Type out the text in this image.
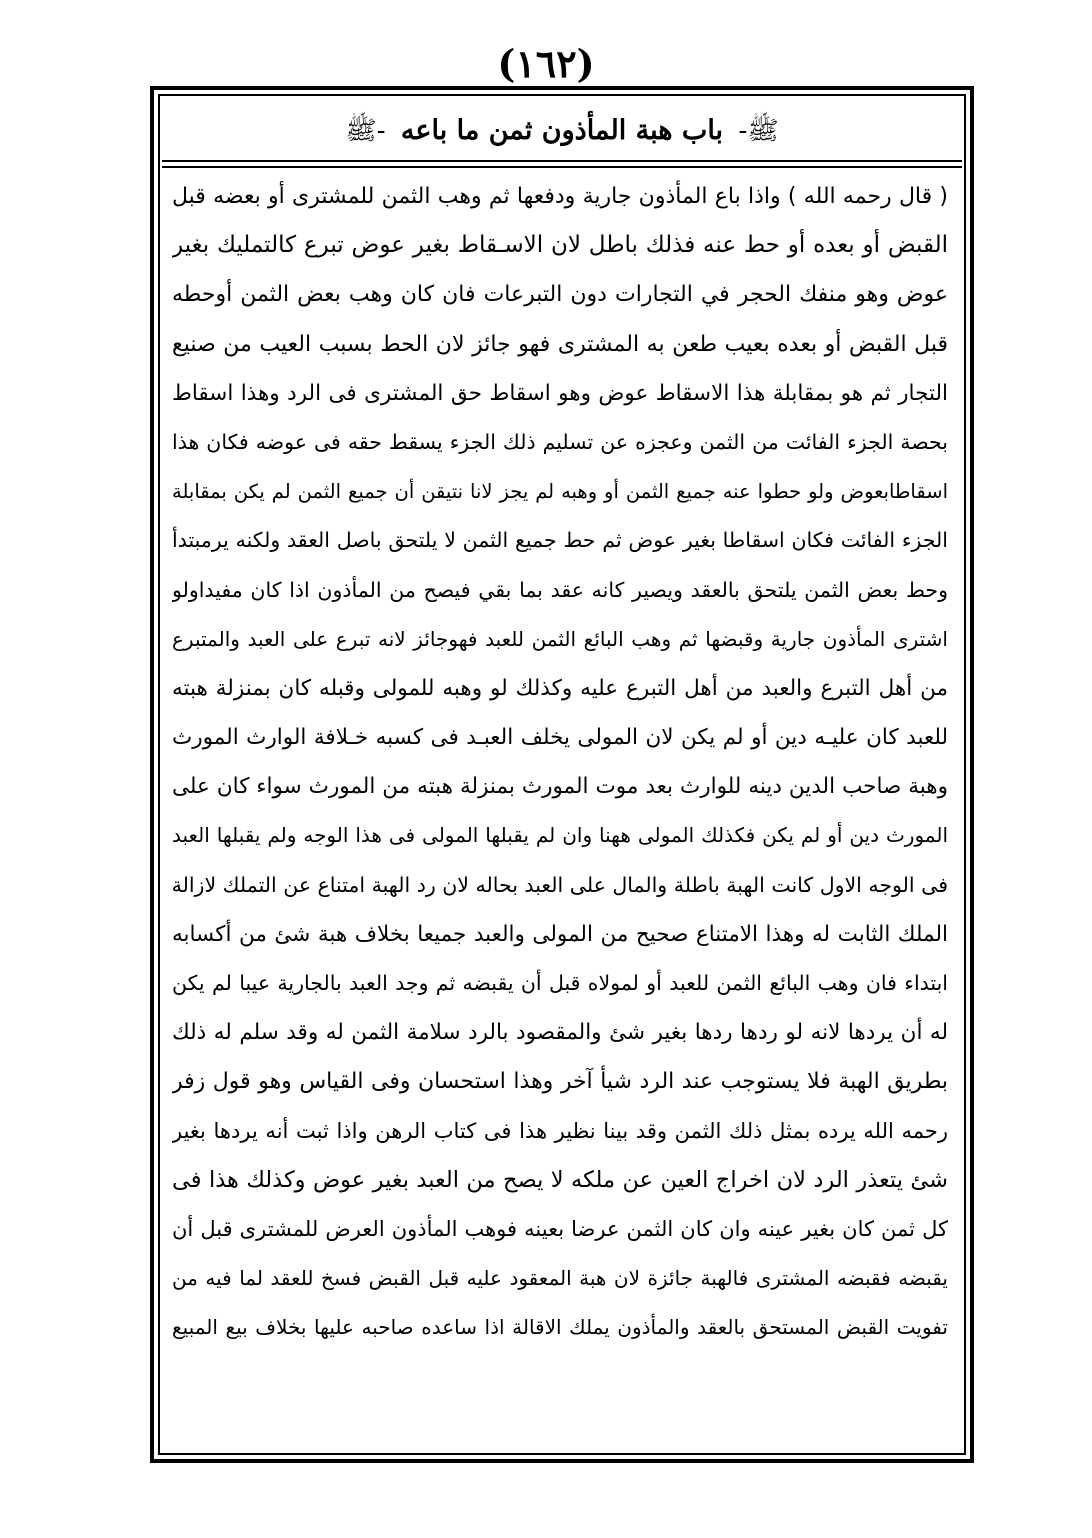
(١٦٢)
ﷺ- باب هبة المأذون ثمن ما باعه -ﷺ
( قال رحمه الله ) واذا باع المأذون جارية ودفعها ثم وهب الثمن للمشترى أو بعضه قبل
القبض أو بعده أو حط عنه فذلك باطل لان الاسـقاط بغير عوض تبرع كالتمليك بغير
عوض وهو منفك الحجر في التجارات دون التبرعات فان كان وهب بعض الثمن أوحطه
قبل القبض أو بعده بعيب طعن به المشترى فهو جائز لان الحط بسبب العيب من صنيع
التجار ثم هو بمقابلة هذا الاسقاط عوض وهو اسقاط حق المشترى فى الرد وهذا اسقاط
بحصة الجزء الفائت من الثمن وعجزه عن تسليم ذلك الجزء يسقط حقه فى عوضه فكان هذا
اسقاطابعوض ولو حطوا عنه جميع الثمن أو وهبه لم يجز لانا نتيقن أن جميع الثمن لم يكن بمقابلة
الجزء الفائت فكان اسقاطا بغير عوض ثم حط جميع الثمن لا يلتحق باصل العقد ولكنه يرمبتدأ
وحط بعض الثمن يلتحق بالعقد ويصير كانه عقد بما بقي فيصح من المأذون اذا كان مفيداولو
اشترى المأذون جارية وقبضها ثم وهب البائع الثمن للعبد فهوجائز لانه تبرع على العبد والمتبرع
من أهل التبرع والعبد من أهل التبرع عليه وكذلك لو وهبه للمولى وقبله كان بمنزلة هبته
للعبد كان عليـه دين أو لم يكن لان المولى يخلف العبـد فى كسبه خـلافة الوارث المورث
وهبة صاحب الدين دينه للوارث بعد موت المورث بمنزلة هبته من المورث سواء كان على
المورث دين أو لم يكن فكذلك المولى ههنا وان لم يقبلها المولى فى هذا الوجه ولم يقبلها العبد
فى الوجه الاول كانت الهبة باطلة والمال على العبد بحاله لان رد الهبة امتناع عن التملك لازالة
الملك الثابت له وهذا الامتناع صحيح من المولى والعبد جميعا بخلاف هبة شئ من أكسابه
ابتداء فان وهب البائع الثمن للعبد أو لمولاه قبل أن يقبضه ثم وجد العبد بالجارية عيبا لم يكن
له أن يردها لانه لو ردها ردها بغير شئ والمقصود بالرد سلامة الثمن له وقد سلم له ذلك
بطريق الهبة فلا يستوجب عند الرد شيأ آخر وهذا استحسان وفى القياس وهو قول زفر
رحمه الله يرده بمثل ذلك الثمن وقد بينا نظير هذا فى كتاب الرهن واذا ثبت أنه يردها بغير
شئ يتعذر الرد لان اخراج العين عن ملكه لا يصح من العبد بغير عوض وكذلك هذا فى
كل ثمن كان بغير عينه وان كان الثمن عرضا بعينه فوهب المأذون العرض للمشترى قبل أن
يقبضه فقبضه المشترى فالهبة جائزة لان هبة المعقود عليه قبل القبض فسخ للعقد لما فيه من
تفويت القبض المستحق بالعقد والمأذون يملك الاقالة اذا ساعده صاحبه عليها بخلاف بيع المبيع
